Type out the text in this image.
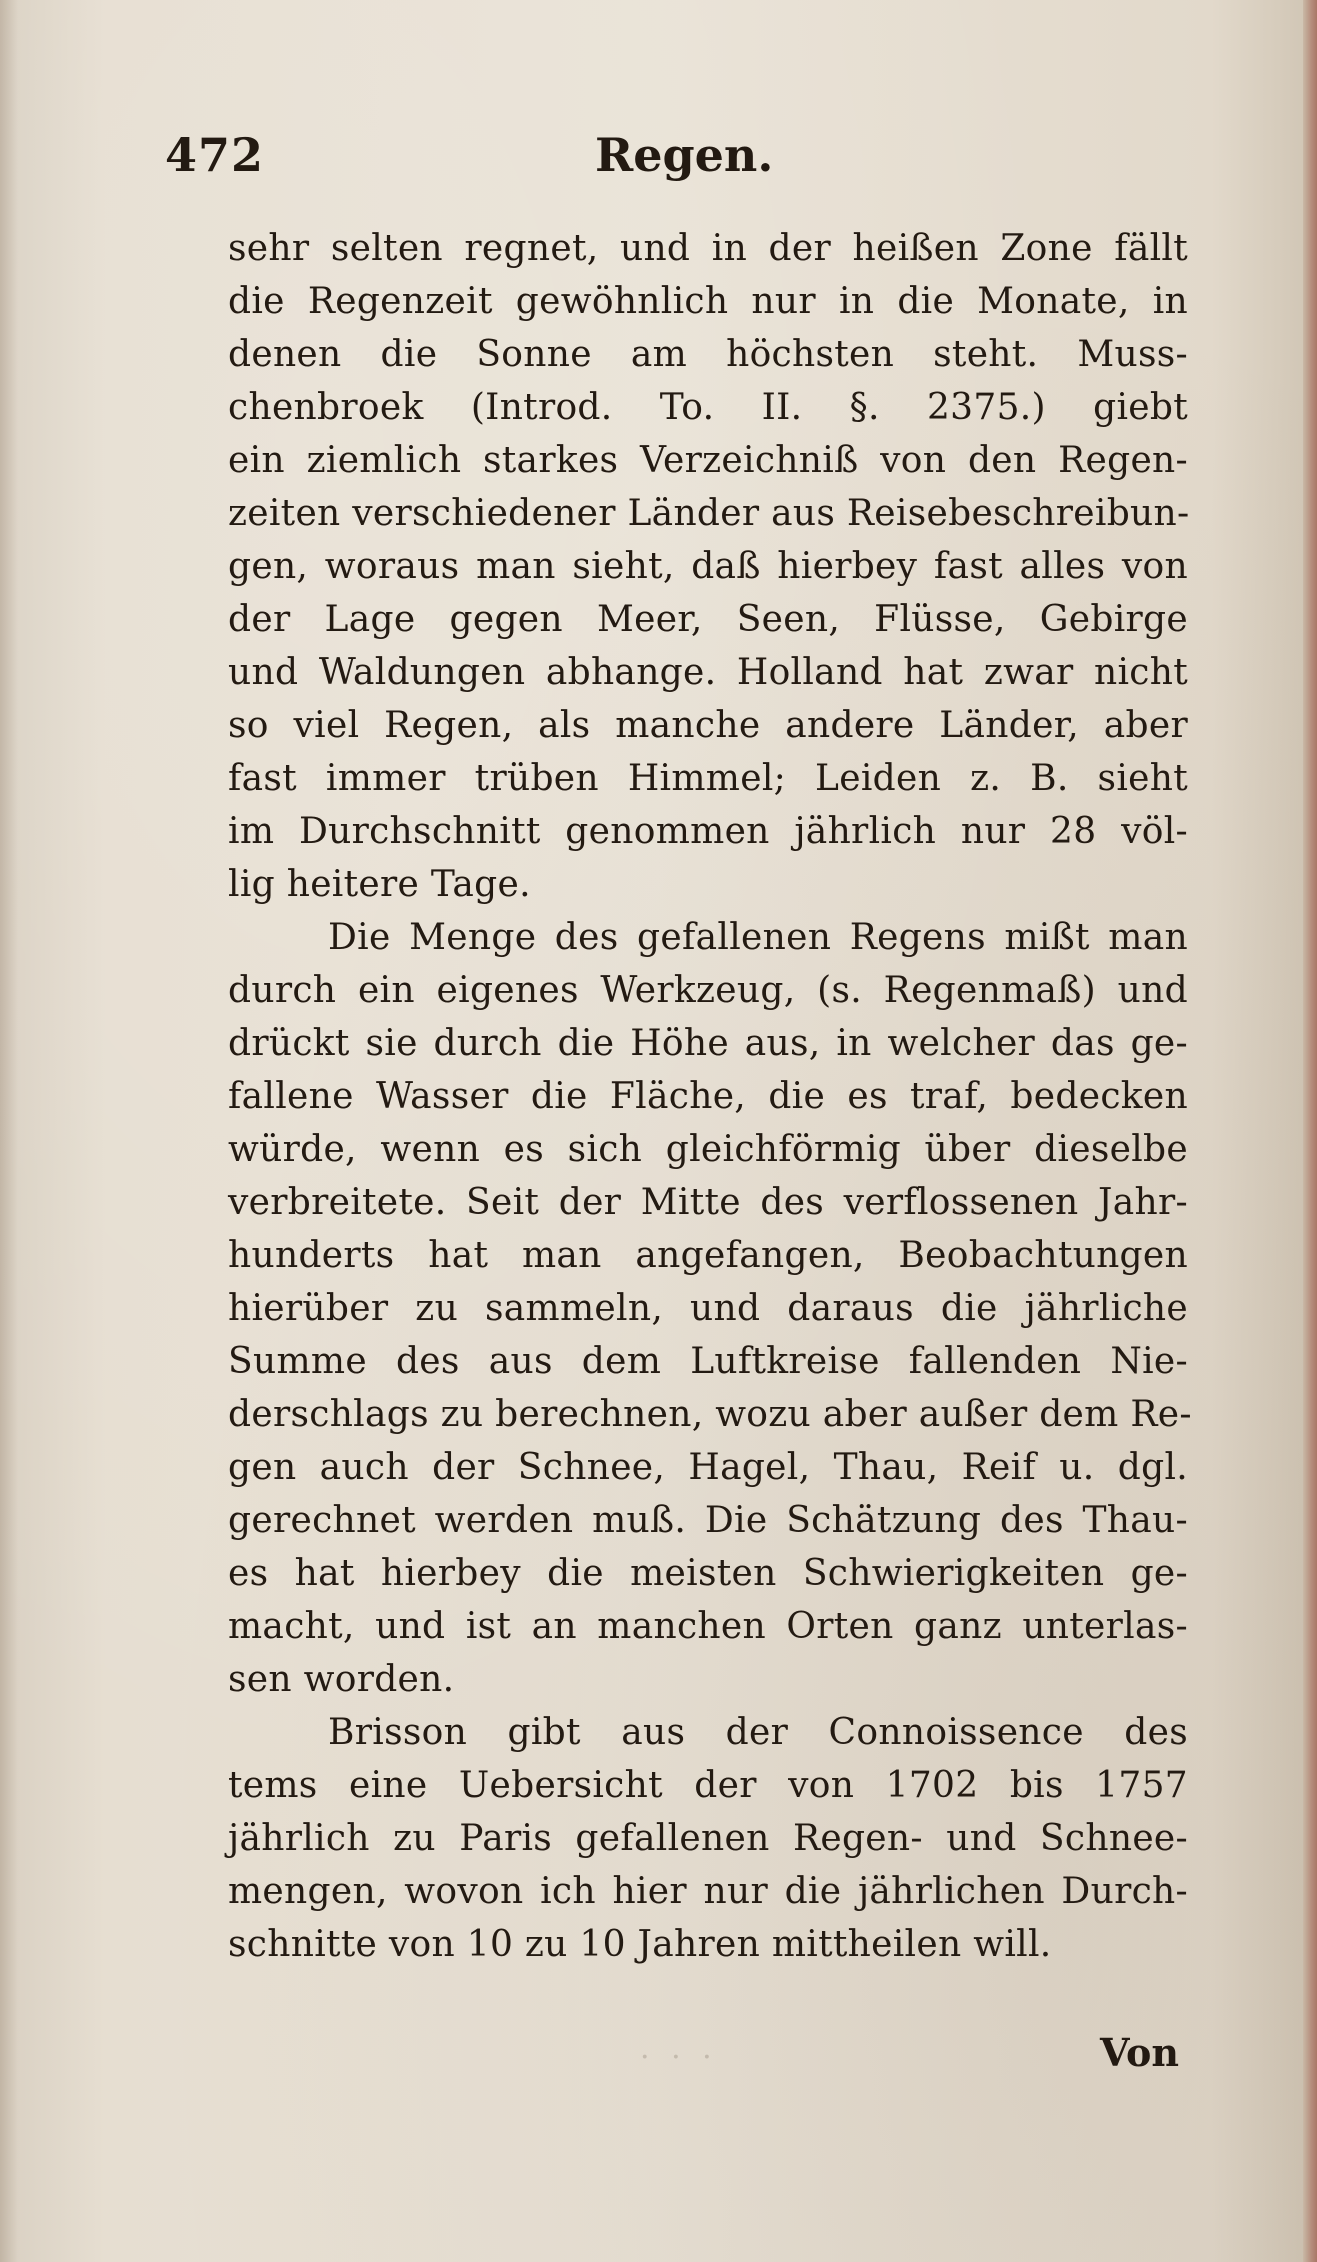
472	Regen.
sehr selten regnet, und in der heißen Zone fällt
die Regenzeit gewöhnlich nur in die Monate, in
denen die Sonne am höchsten steht. Muss-
chenbroek (Introd. To. II. §. 2375.) giebt
ein ziemlich starkes Verzeichniß von den Regen-
zeiten verschiedener Länder aus Reisebeschreibun-
gen, woraus man sieht, daß hierbey fast alles von
der Lage gegen Meer, Seen, Flüsse, Gebirge
und Waldungen abhange. Holland hat zwar nicht
so viel Regen, als manche andere Länder, aber
fast immer trüben Himmel; Leiden z. B. sieht
im Durchschnitt genommen jährlich nur 28 völ-
lig heitere Tage.
Die Menge des gefallenen Regens mißt man
durch ein eigenes Werkzeug, (s. Regenmaß) und
drückt sie durch die Höhe aus, in welcher das ge-
fallene Wasser die Fläche, die es traf, bedecken
würde, wenn es sich gleichförmig über dieselbe
verbreitete. Seit der Mitte des verflossenen Jahr-
hunderts hat man angefangen, Beobachtungen
hierüber zu sammeln, und daraus die jährliche
Summe des aus dem Luftkreise fallenden Nie-
derschlags zu berechnen, wozu aber außer dem Re-
gen auch der Schnee, Hagel, Thau, Reif u. dgl.
gerechnet werden muß. Die Schätzung des Thau-
es hat hierbey die meisten Schwierigkeiten ge-
macht, und ist an manchen Orten ganz unterlas-
sen worden.
Brisson gibt aus der Connoissence des
tems eine Uebersicht der von 1702 bis 1757
jährlich zu Paris gefallenen Regen- und Schnee-
mengen, wovon ich hier nur die jährlichen Durch-
schnitte von 10 zu 10 Jahren mittheilen will.
· · ·	Von
